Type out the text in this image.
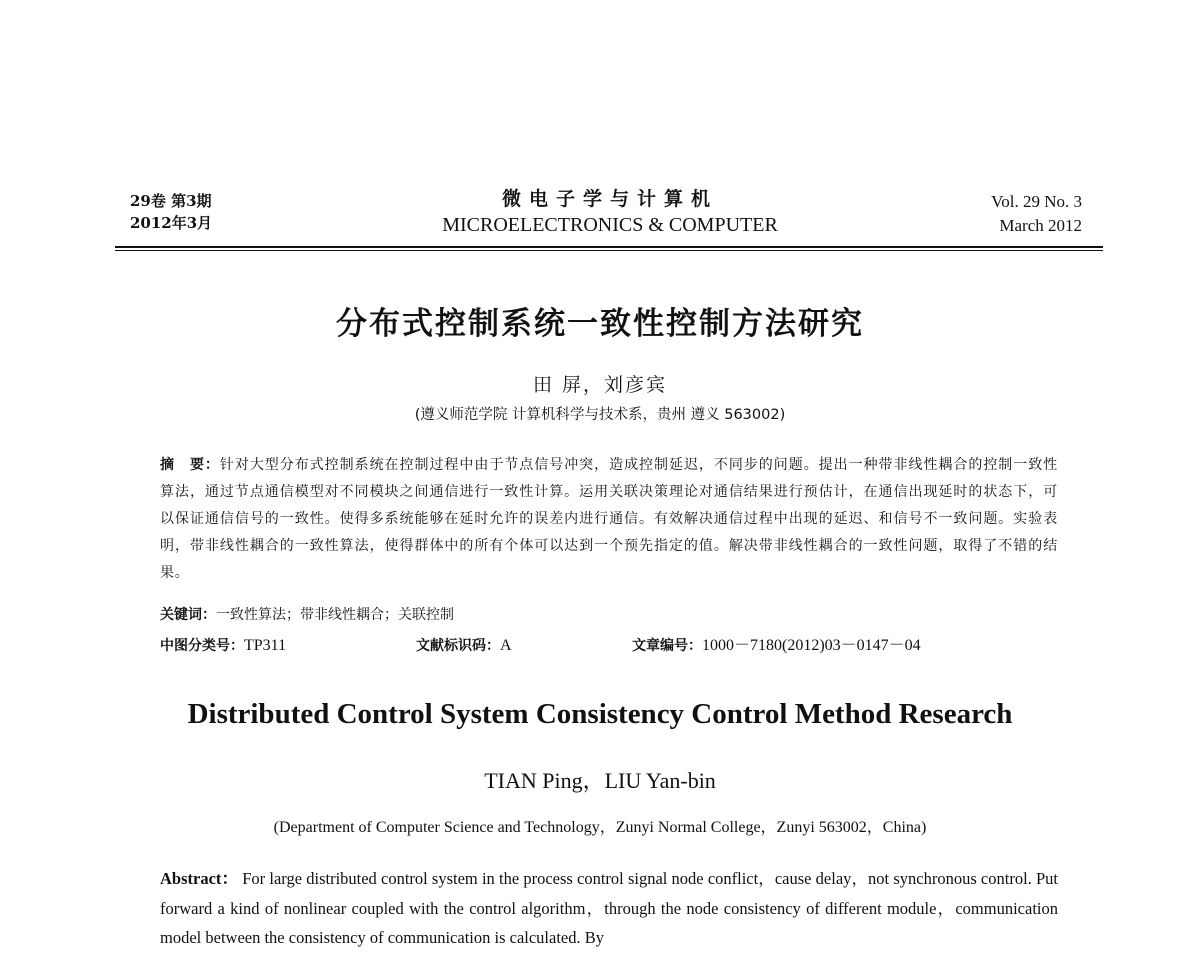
29卷 第3期
2012年3月
微电子学与计算机
MICROELECTRONICS & COMPUTER
Vol. 29 No. 3
March 2012
分布式控制系统一致性控制方法研究
田 屏，刘彦宾
(遵义师范学院 计算机科学与技术系，贵州 遵义 563002)
摘　要：针对大型分布式控制系统在控制过程中由于节点信号冲突，造成控制延迟，不同步的问题。提出一种带非线性耦合的控制一致性算法，通过节点通信模型对不同模块之间通信进行一致性计算。运用关联决策理论对通信结果进行预估计，在通信出现延时的状态下，可以保证通信信号的一致性。使得多系统能够在延时允许的误差内进行通信。有效解决通信过程中出现的延迟、和信号不一致问题。实验表明，带非线性耦合的一致性算法，使得群体中的所有个体可以达到一个预先指定的值。解决带非线性耦合的一致性问题，取得了不错的结果。
关键词：一致性算法；带非线性耦合；关联控制
中图分类号：TP311	文献标识码：A	文章编号：1000－7180(2012)03－0147－04
Distributed Control System Consistency Control Method Research
TIAN Ping，LIU Yan-bin
(Department of Computer Science and Technology，Zunyi Normal College，Zunyi 563002，China)
Abstract： For large distributed control system in the process control signal node conflict，cause delay，not synchronous control. Put forward a kind of nonlinear coupled with the control algorithm，through the node consistency of different module，communication model between the consistency of communication is calculated. By
